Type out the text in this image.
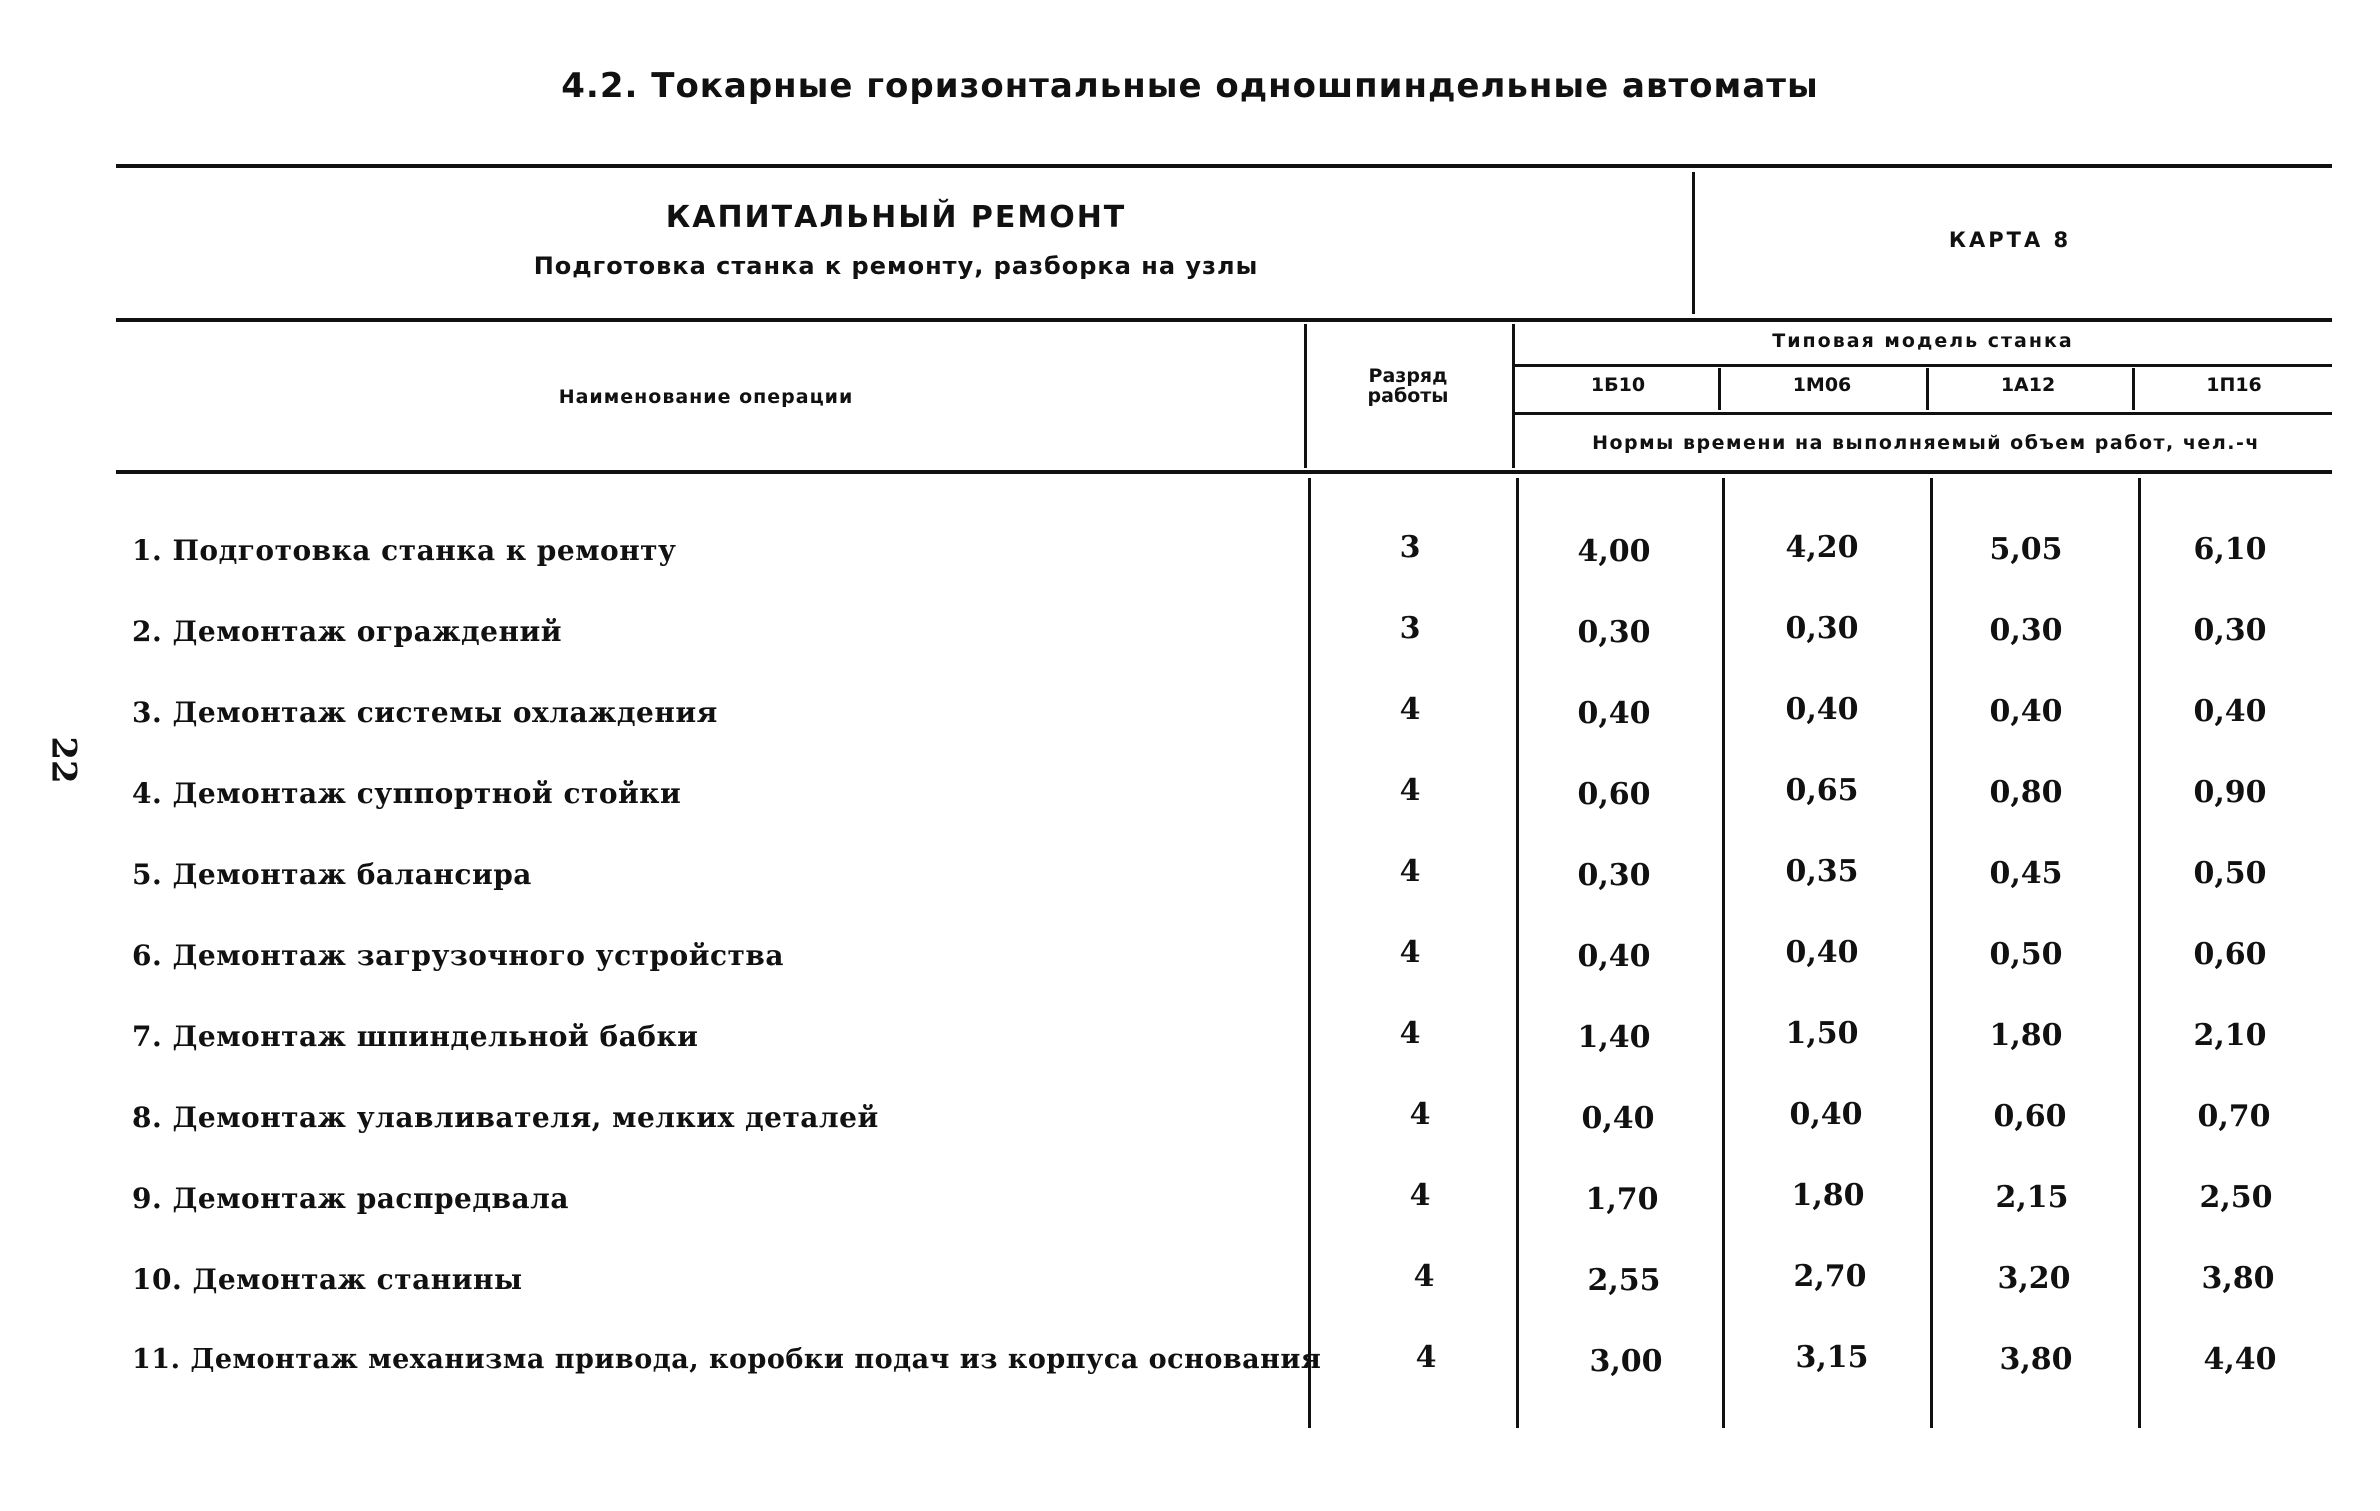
4.2. Токарные горизонтальные одношпиндельные автоматы
22
КАПИТАЛЬНЫЙ РЕМОНТ
Подготовка станка к ремонту, разборка на узлы
КАРТА 8
Наименование операции
Разряд работы
Типовая модель станка
1Б10	1М06	1А12	1П16
Нормы времени на выполняемый объем работ, чел.-ч
1. Подготовка станка к ремонту	3	4,00	4,20	5,05	6,10
2. Демонтаж ограждений	3	0,30	0,30	0,30	0,30
3. Демонтаж системы охлаждения	4	0,40	0,40	0,40	0,40
4. Демонтаж суппортной стойки	4	0,60	0,65	0,80	0,90
5. Демонтаж балансира	4	0,30	0,35	0,45	0,50
6. Демонтаж загрузочного устройства	4	0,40	0,40	0,50	0,60
7. Демонтаж шпиндельной бабки	4	1,40	1,50	1,80	2,10
8. Демонтаж улавливателя, мелких деталей	4	0,40	0,40	0,60	0,70
9. Демонтаж распредвала	4	1,70	1,80	2,15	2,50
10. Демонтаж станины	4	2,55	2,70	3,20	3,80
11. Демонтаж механизма привода, коробки подач из корпуса основания	4	3,00	3,15	3,80	4,40
